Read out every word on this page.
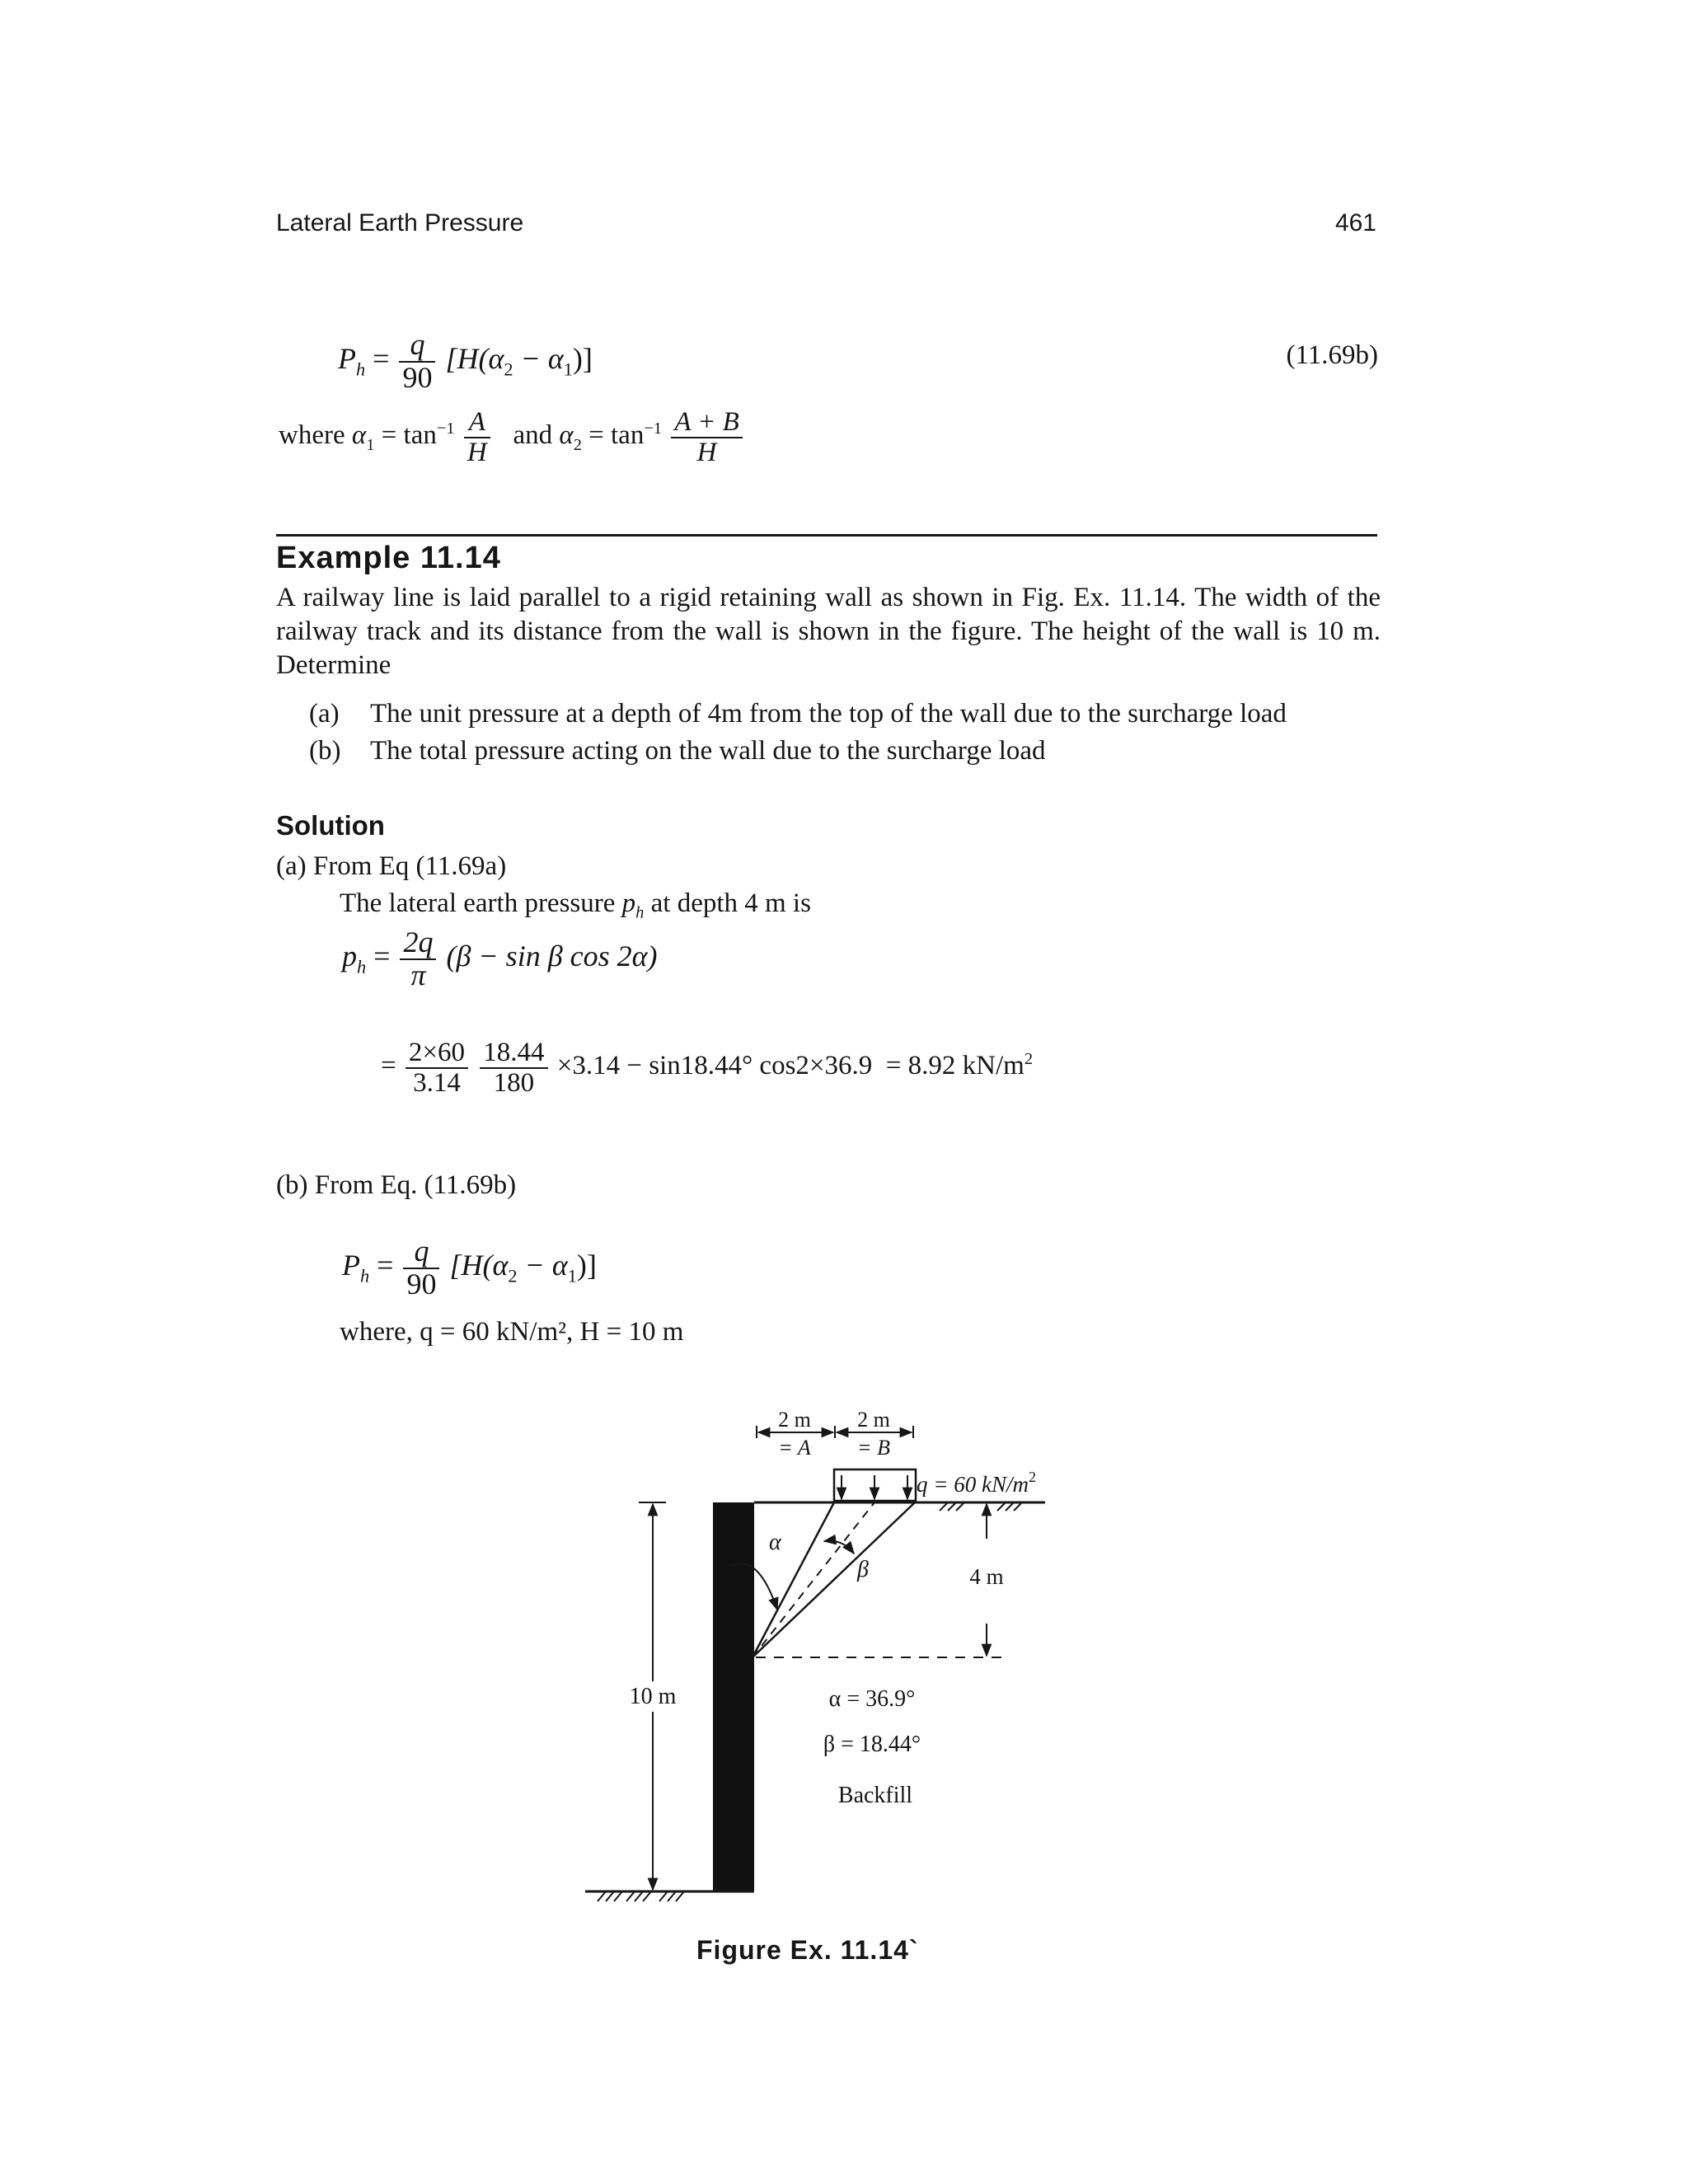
Lateral Earth Pressure	461
$P_h = \frac{q}{90} [H(\alpha_2 - \alpha_1)]$	(11.69b)
where $\alpha_1 = \tan^{-1} \frac{A}{H}$ and $\alpha_2 = \tan^{-1} \frac{A + B}{H}$
Example 11.14
A railway line is laid parallel to a rigid retaining wall as shown in Fig. Ex. 11.14. The width of the railway track and its distance from the wall is shown in the figure. The height of the wall is 10 m. Determine
(a) The unit pressure at a depth of 4m from the top of the wall due to the surcharge load
(b) The total pressure acting on the wall due to the surcharge load
Solution
(a) From Eq (11.69a)
The lateral earth pressure $p_h$ at depth 4 m is
$p_h = \frac{2q}{\pi} (\beta - \sin \beta$ cos 2α)
= $\frac{2\times 60}{3.14}$
$\frac{18.44}{180} \times 3.14 - \sin 18.44^\circ$ cos2×36.9 = 8.92 $kN/m^2$
(b) From Eq. (11.69b)
$P_h = \frac{q}{90} [H(\alpha_2 - \alpha_1)]$
where, q = 60 kN/m², H = 10 m
10 m
q = 60 $kN/m^2$
2 m 2 m
= A = B
α
β	4 m
α = 36.9°
β = 18.44°
Backfill
Figure Ex. 11.14`
